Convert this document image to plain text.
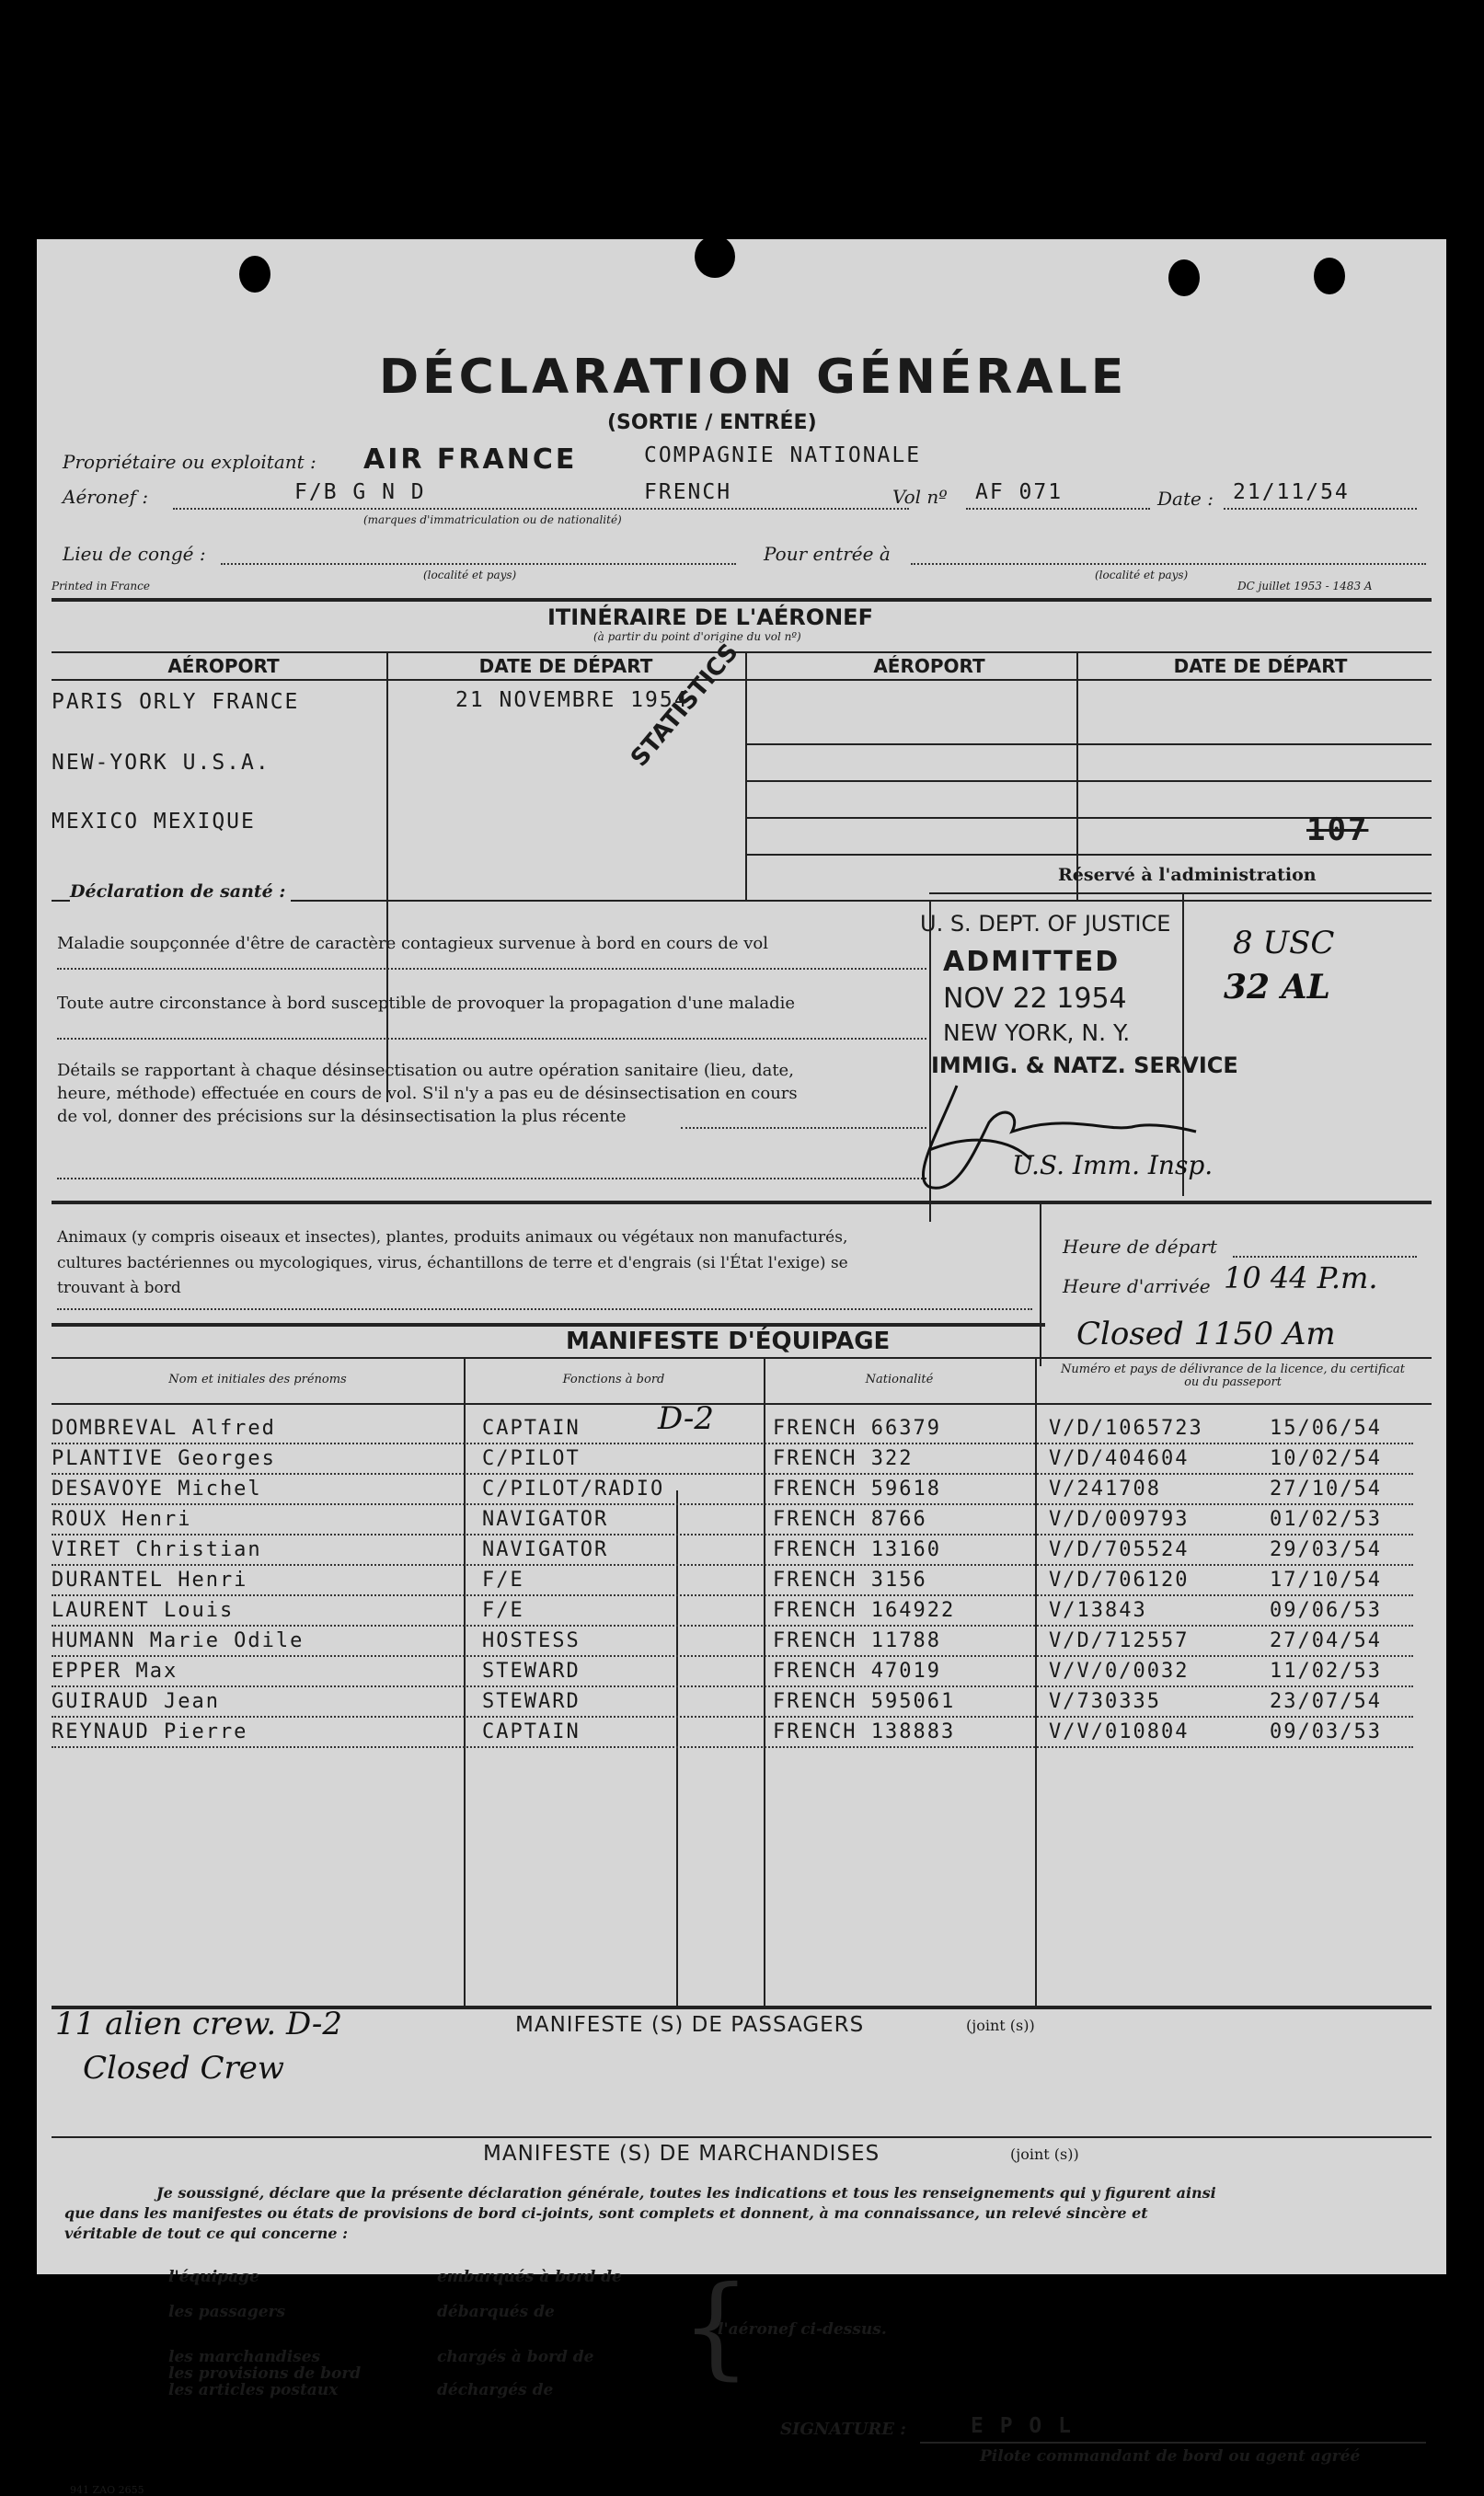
DÉCLARATION GÉNÉRALE
(SORTIE / ENTRÉE)
Propriétaire ou exploitant : AIR FRANCE	COMPAGNIE NATIONALE
Aéronef :	F/B G N D	FRENCH
(marques d'immatriculation ou de nationalité)
Vol nº AF 071	Date : 21/11/54
Lieu de congé :
(localité et pays)
Pour entrée à
(localité et pays)
Printed in France	DC juillet 1953 - 1483 A
ITINÉRAIRE DE L'AÉRONEF
(à partir du point d'origine du vol nº)
AÉROPORT	DATE DE DÉPART	AÉROPORT	DATE DE DÉPART
PARIS ORLY FRANCE	21 NOVEMBRE 1954
NEW-YORK U.S.A.
MEXICO MEXIQUE
STATISTICS
107
Déclaration de santé :
Réservé à l'administration
Maladie soupçonnée d'être de caractère contagieux survenue à bord en cours de vol
Toute autre circonstance à bord susceptible de provoquer la propagation d'une maladie
Détails se rapportant à chaque désinsectisation ou autre opération sanitaire (lieu, date,
heure, méthode) effectuée en cours de vol. S'il n'y a pas eu de désinsectisation en cours
de vol, donner des précisions sur la désinsectisation la plus récente
U. S. DEPT. OF JUSTICE
ADMITTED
NOV 22 1954
NEW YORK, N. Y.
IMMIG. & NATZ. SERVICE
8 USC
32 AL
U.S. Imm. Insp.
Animaux (y compris oiseaux et insectes), plantes, produits animaux ou végétaux non manufacturés,
cultures bactériennes ou mycologiques, virus, échantillons de terre et d'engrais (si l'État l'exige) se
trouvant à bord
Heure de départ
Heure d'arrivée 10 44 P.m.
Closed 1150 Am
MANIFESTE D'ÉQUIPAGE
Nom et initiales des prénoms	Fonctions à bord	Nationalité
Numéro et pays de délivrance de la licence, du certificat ou du passeport
DOMBREVAL Alfred	CAPTAIN	FRENCH 66379	V/D/1065723	15/06/54
PLANTIVE Georges	C/PILOT	FRENCH 322	V/D/404604	10/02/54
DESAVOYE Michel	C/PILOT/RADIO	FRENCH 59618	V/241708	27/10/54
ROUX Henri	NAVIGATOR	FRENCH 8766	V/D/009793	01/02/53
VIRET Christian	NAVIGATOR	FRENCH 13160	V/D/705524	29/03/54
DURANTEL Henri	F/E	FRENCH 3156	V/D/706120	17/10/54
LAURENT Louis	F/E	FRENCH 164922	V/13843	09/06/53
HUMANN Marie Odile	HOSTESS	FRENCH 11788	V/D/712557	27/04/54
EPPER Max	STEWARD	FRENCH 47019	V/V/0/0032	11/02/53
GUIRAUD Jean	STEWARD	FRENCH 595061	V/730335	23/07/54
REYNAUD Pierre	CAPTAIN	FRENCH 138883	V/V/010804	09/03/53
D-2
11 alien crew. D-2
Closed Crew
MANIFESTE (S) DE PASSAGERS	(joint (s))
MANIFESTE (S) DE MARCHANDISES	(joint (s))
Je soussigné, déclare que la présente déclaration générale, toutes les indications et tous les renseignements qui y figurent ainsi
que dans les manifestes ou états de provisions de bord ci-joints, sont complets et donnent, à ma connaissance, un relevé sincère et
véritable de tout ce qui concerne :
l'équipage
les passagers
les marchandises
les provisions de bord
les articles postaux
embarqués à bord de
débarqués de
chargés à bord de
déchargés de {
l'aéronef ci-dessus.
SIGNATURE :	E P O L
Pilote commandant de bord ou agent agréé
941 ZAO 2655
